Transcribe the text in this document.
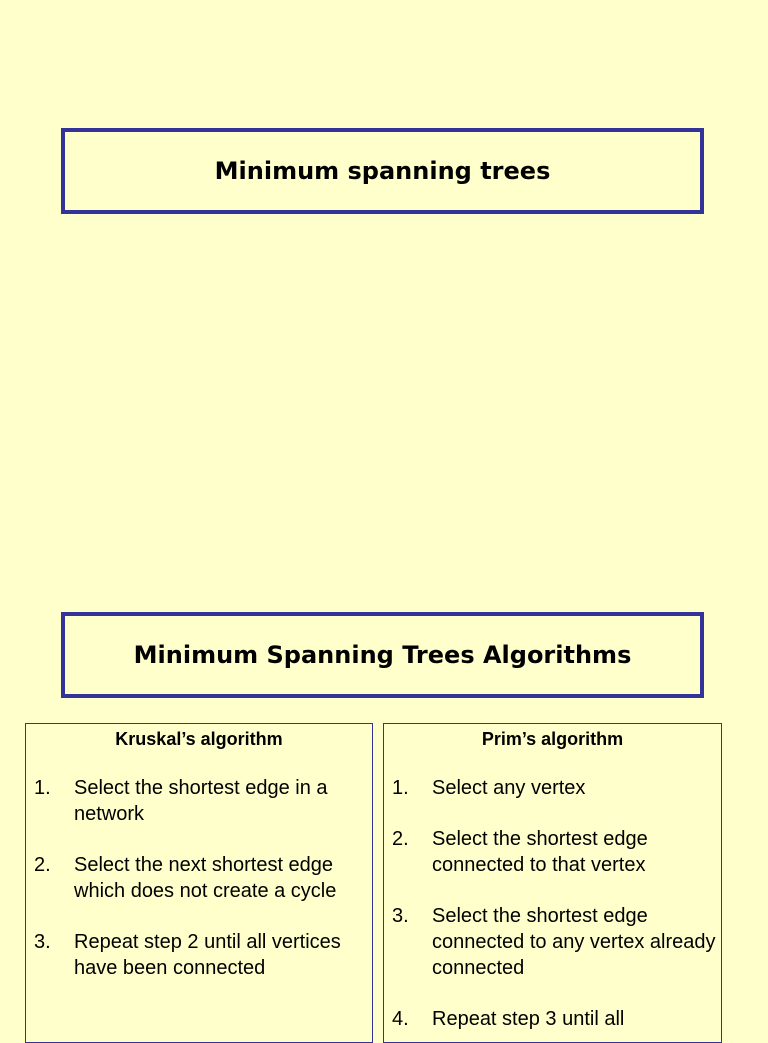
Minimum spanning trees
Minimum Spanning Trees Algorithms
Kruskal’s algorithm
1. Select the shortest edge in a network
2. Select the next shortest edge which does not create a cycle
3. Repeat step 2 until all vertices have been connected
Prim’s algorithm
1. Select any vertex
2. Select the shortest edge connected to that vertex
3. Select the shortest edge connected to any vertex already connected
4. Repeat step 3 until all
